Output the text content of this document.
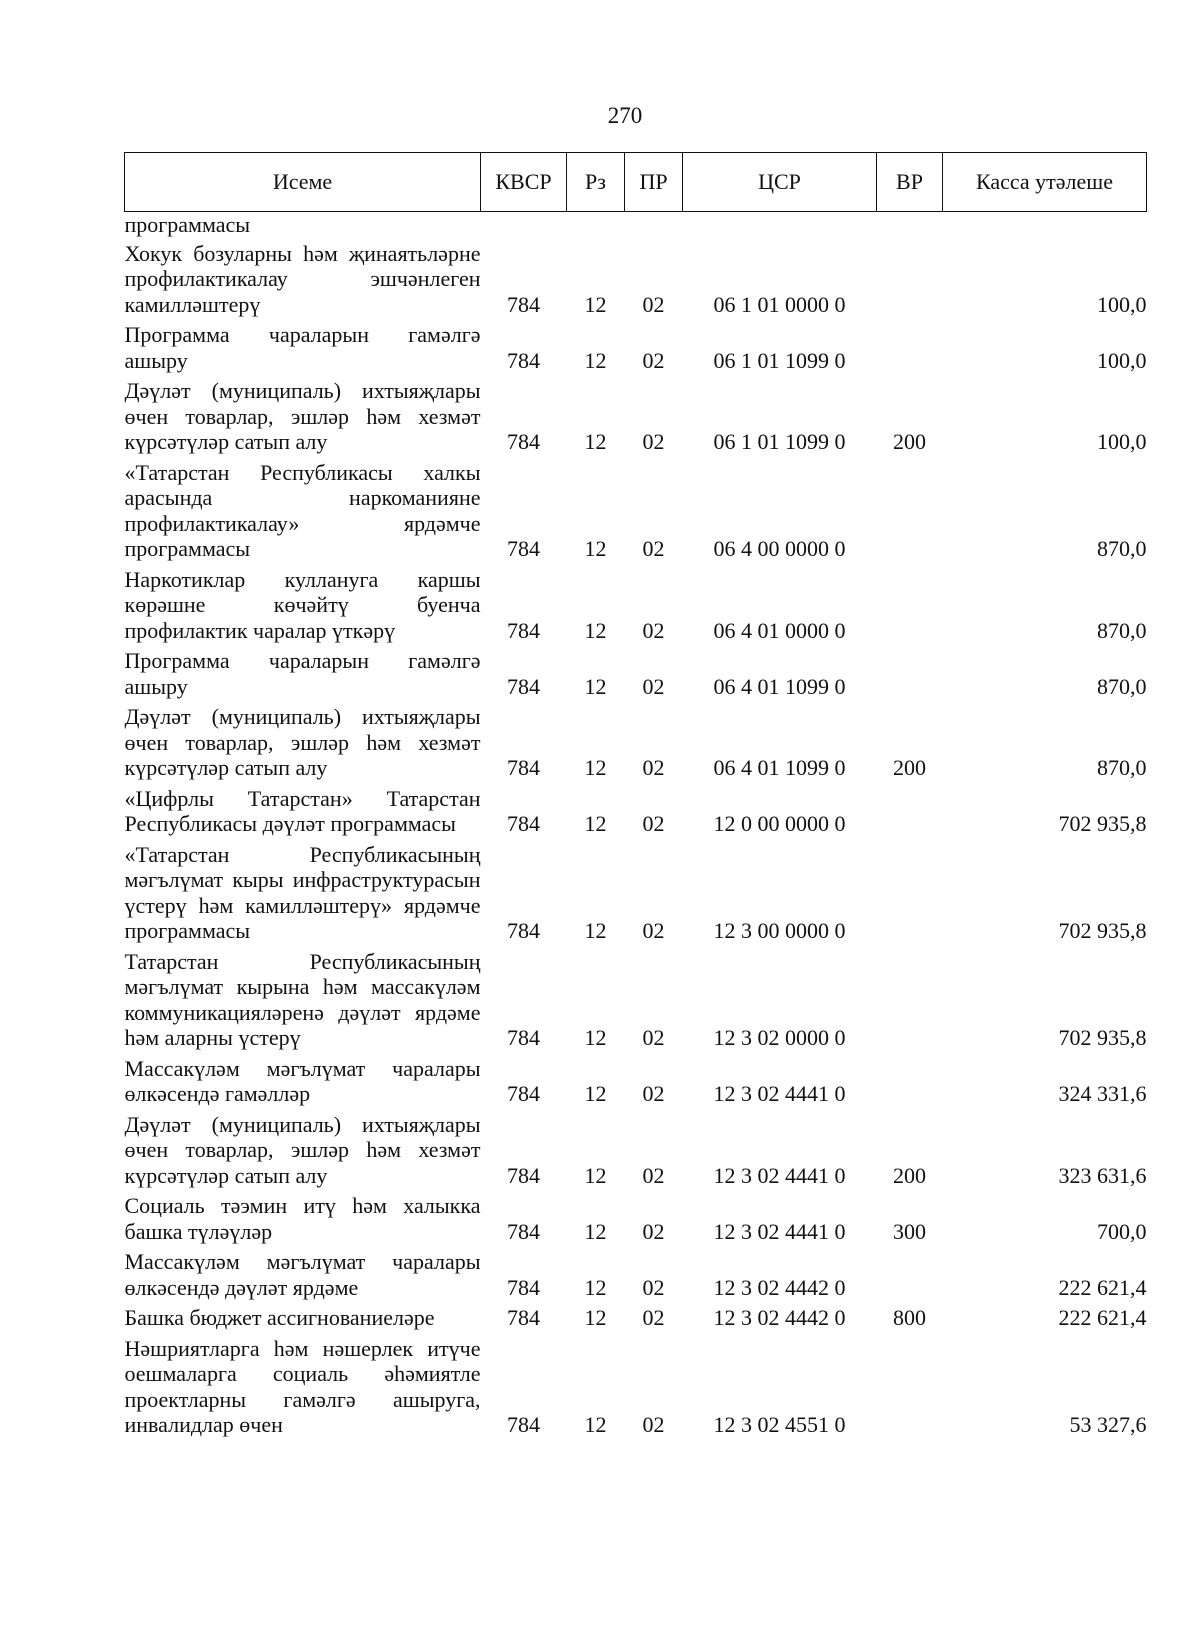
270
Исеме	КВСР	Рз	ПР	ЦСР	ВР	Касса утәлеше
программасы						
Хокук бозуларны һәм җинаятьләрне профилактикалау эшчәнлеген камилләштерү	784	12	02	06 1 01 0000 0		100,0
Программа чараларын гамәлгә ашыру	784	12	02	06 1 01 1099 0		100,0
Дәүләт (муниципаль) ихтыяҗлары өчен товарлар, эшләр һәм хезмәт күрсәтүләр сатып алу	784	12	02	06 1 01 1099 0	200	100,0
«Татарстан Республикасы халкы арасында наркоманияне профилактикалау» ярдәмче программасы	784	12	02	06 4 00 0000 0		870,0
Наркотиклар куллануга каршы көрәшне көчәйтү буенча профилактик чаралар үткәрү	784	12	02	06 4 01 0000 0		870,0
Программа чараларын гамәлгә ашыру	784	12	02	06 4 01 1099 0		870,0
Дәүләт (муниципаль) ихтыяҗлары өчен товарлар, эшләр һәм хезмәт күрсәтүләр сатып алу	784	12	02	06 4 01 1099 0	200	870,0
«Цифрлы Татарстан» Татарстан Республикасы дәүләт программасы	784	12	02	12 0 00 0000 0		702 935,8
«Татарстан Республикасының мәгълүмат кыры инфраструктурасын үстерү һәм камилләштерү» ярдәмче программасы	784	12	02	12 3 00 0000 0		702 935,8
Татарстан Республикасының мәгълүмат кырына һәм массакүләм коммуникацияләренә дәүләт ярдәме һәм аларны үстерү	784	12	02	12 3 02 0000 0		702 935,8
Массакүләм мәгълүмат чаралары өлкәсендә гамәлләр	784	12	02	12 3 02 4441 0		324 331,6
Дәүләт (муниципаль) ихтыяҗлары өчен товарлар, эшләр һәм хезмәт күрсәтүләр сатып алу	784	12	02	12 3 02 4441 0	200	323 631,6
Социаль тәэмин итү һәм халыкка башка түләүләр	784	12	02	12 3 02 4441 0	300	700,0
Массакүләм мәгълүмат чаралары өлкәсендә дәүләт ярдәме	784	12	02	12 3 02 4442 0		222 621,4
Башка бюджет ассигнованиеләре	784	12	02	12 3 02 4442 0	800	222 621,4
Нәшриятларга һәм нәшерлек итүче оешмаларга социаль әһәмиятле проектларны гамәлгә ашыруга, инвалидлар өчен	784	12	02	12 3 02 4551 0		53 327,6
